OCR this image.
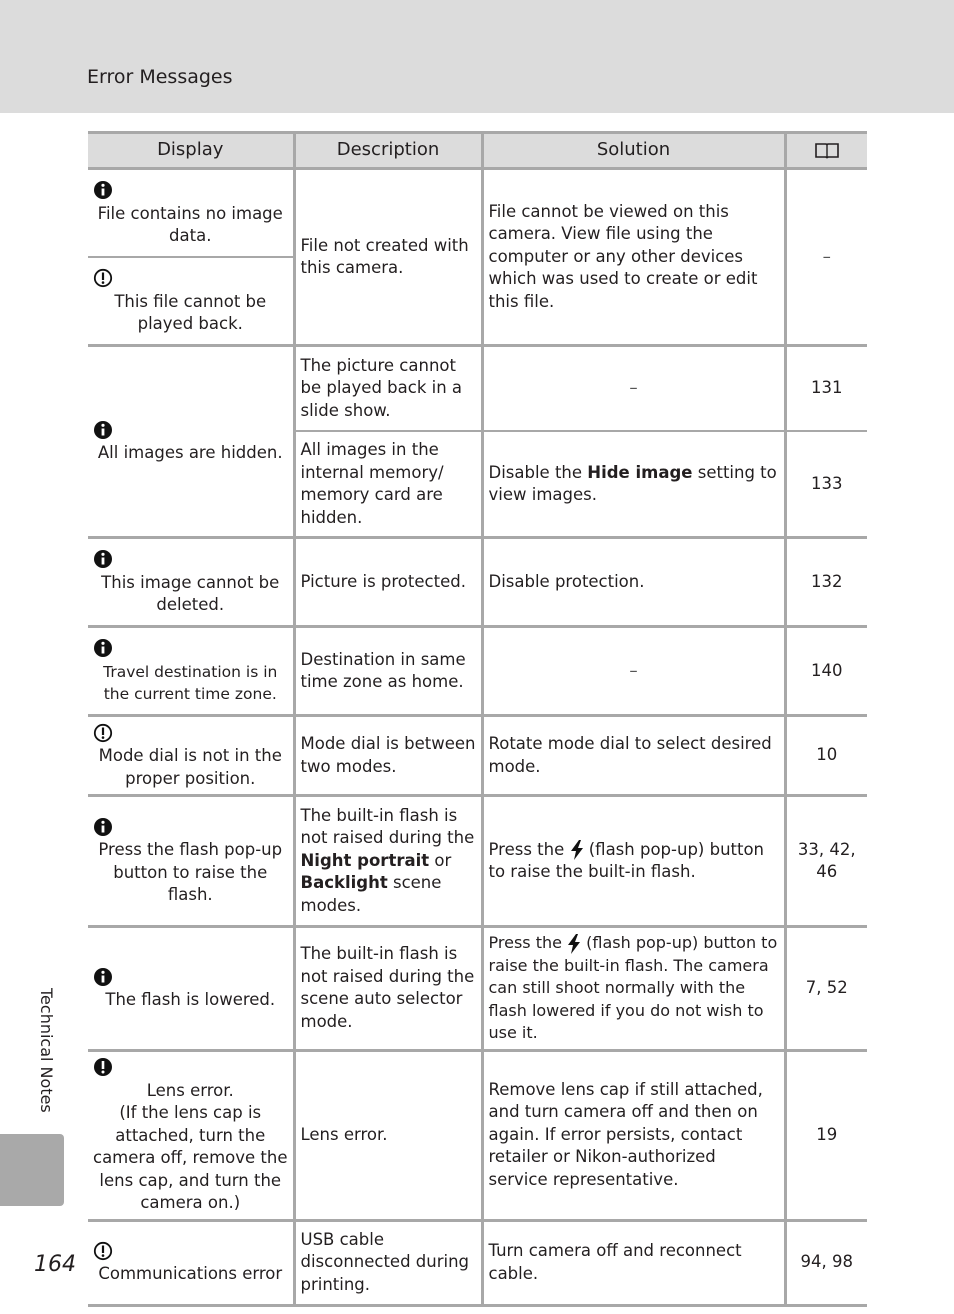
Error Messages
Display	Description	Solution	

File contains no image data.	File not created with this camera.	File cannot be viewed on this camera. View file using the computer or any other devices which was used to create or edit this file.	–

This file cannot be played back.			

All images are hidden.	The picture cannot be played back in a slide show.	–	131
	All images in the internal memory/ memory card are hidden.	Disable the Hide image setting to view images.	133

This image cannot be deleted.	Picture is protected.	Disable protection.	132

Travel destination is in the current time zone.	Destination in same time zone as home.	–	140

Mode dial is not in the proper position.	Mode dial is between two modes.	Rotate mode dial to select desired mode.	10

Press the flash pop-up button to raise the flash.	The built-in flash is not raised during the Night portrait or Backlight scene modes.	Press the  (flash pop-up) button to raise the built-in flash.	33, 42, 46

The flash is lowered.	The built-in flash is not raised during the scene auto selector mode.	Press the  (flash pop-up) button to raise the built-in flash. The camera can still shoot normally with the flash lowered if you do not wish to use it.	7, 52

Lens error.
(If the lens cap is attached, turn the camera off, remove the lens cap, and turn the camera on.)	Lens error.	Remove lens cap if still attached, and turn camera off and then on again. If error persists, contact retailer or Nikon-authorized service representative.	19

Communications error	USB cable disconnected during printing.	Turn camera off and reconnect cable.	94, 98
Technical Notes
164
